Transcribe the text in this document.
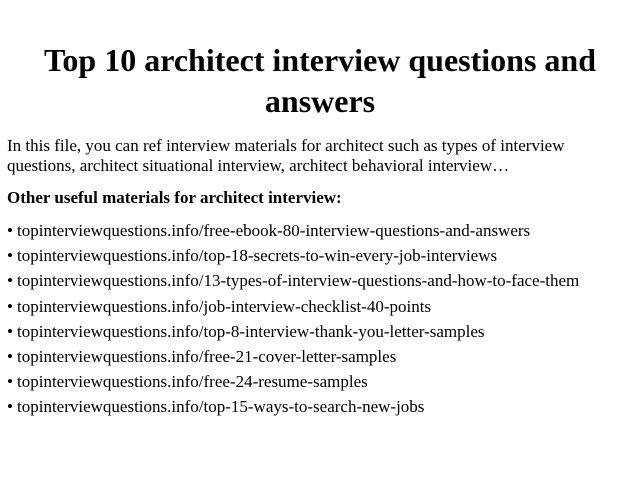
Top 10 architect interview questions and answers

In this file, you can ref interview materials for architect such as types of interview questions, architect situational interview, architect behavioral interview…

Other useful materials for architect interview:

• topinterviewquestions.info/free-ebook-80-interview-questions-and-answers
• topinterviewquestions.info/top-18-secrets-to-win-every-job-interviews
• topinterviewquestions.info/13-types-of-interview-questions-and-how-to-face-them
• topinterviewquestions.info/job-interview-checklist-40-points
• topinterviewquestions.info/top-8-interview-thank-you-letter-samples
• topinterviewquestions.info/free-21-cover-letter-samples
• topinterviewquestions.info/free-24-resume-samples
• topinterviewquestions.info/top-15-ways-to-search-new-jobs
